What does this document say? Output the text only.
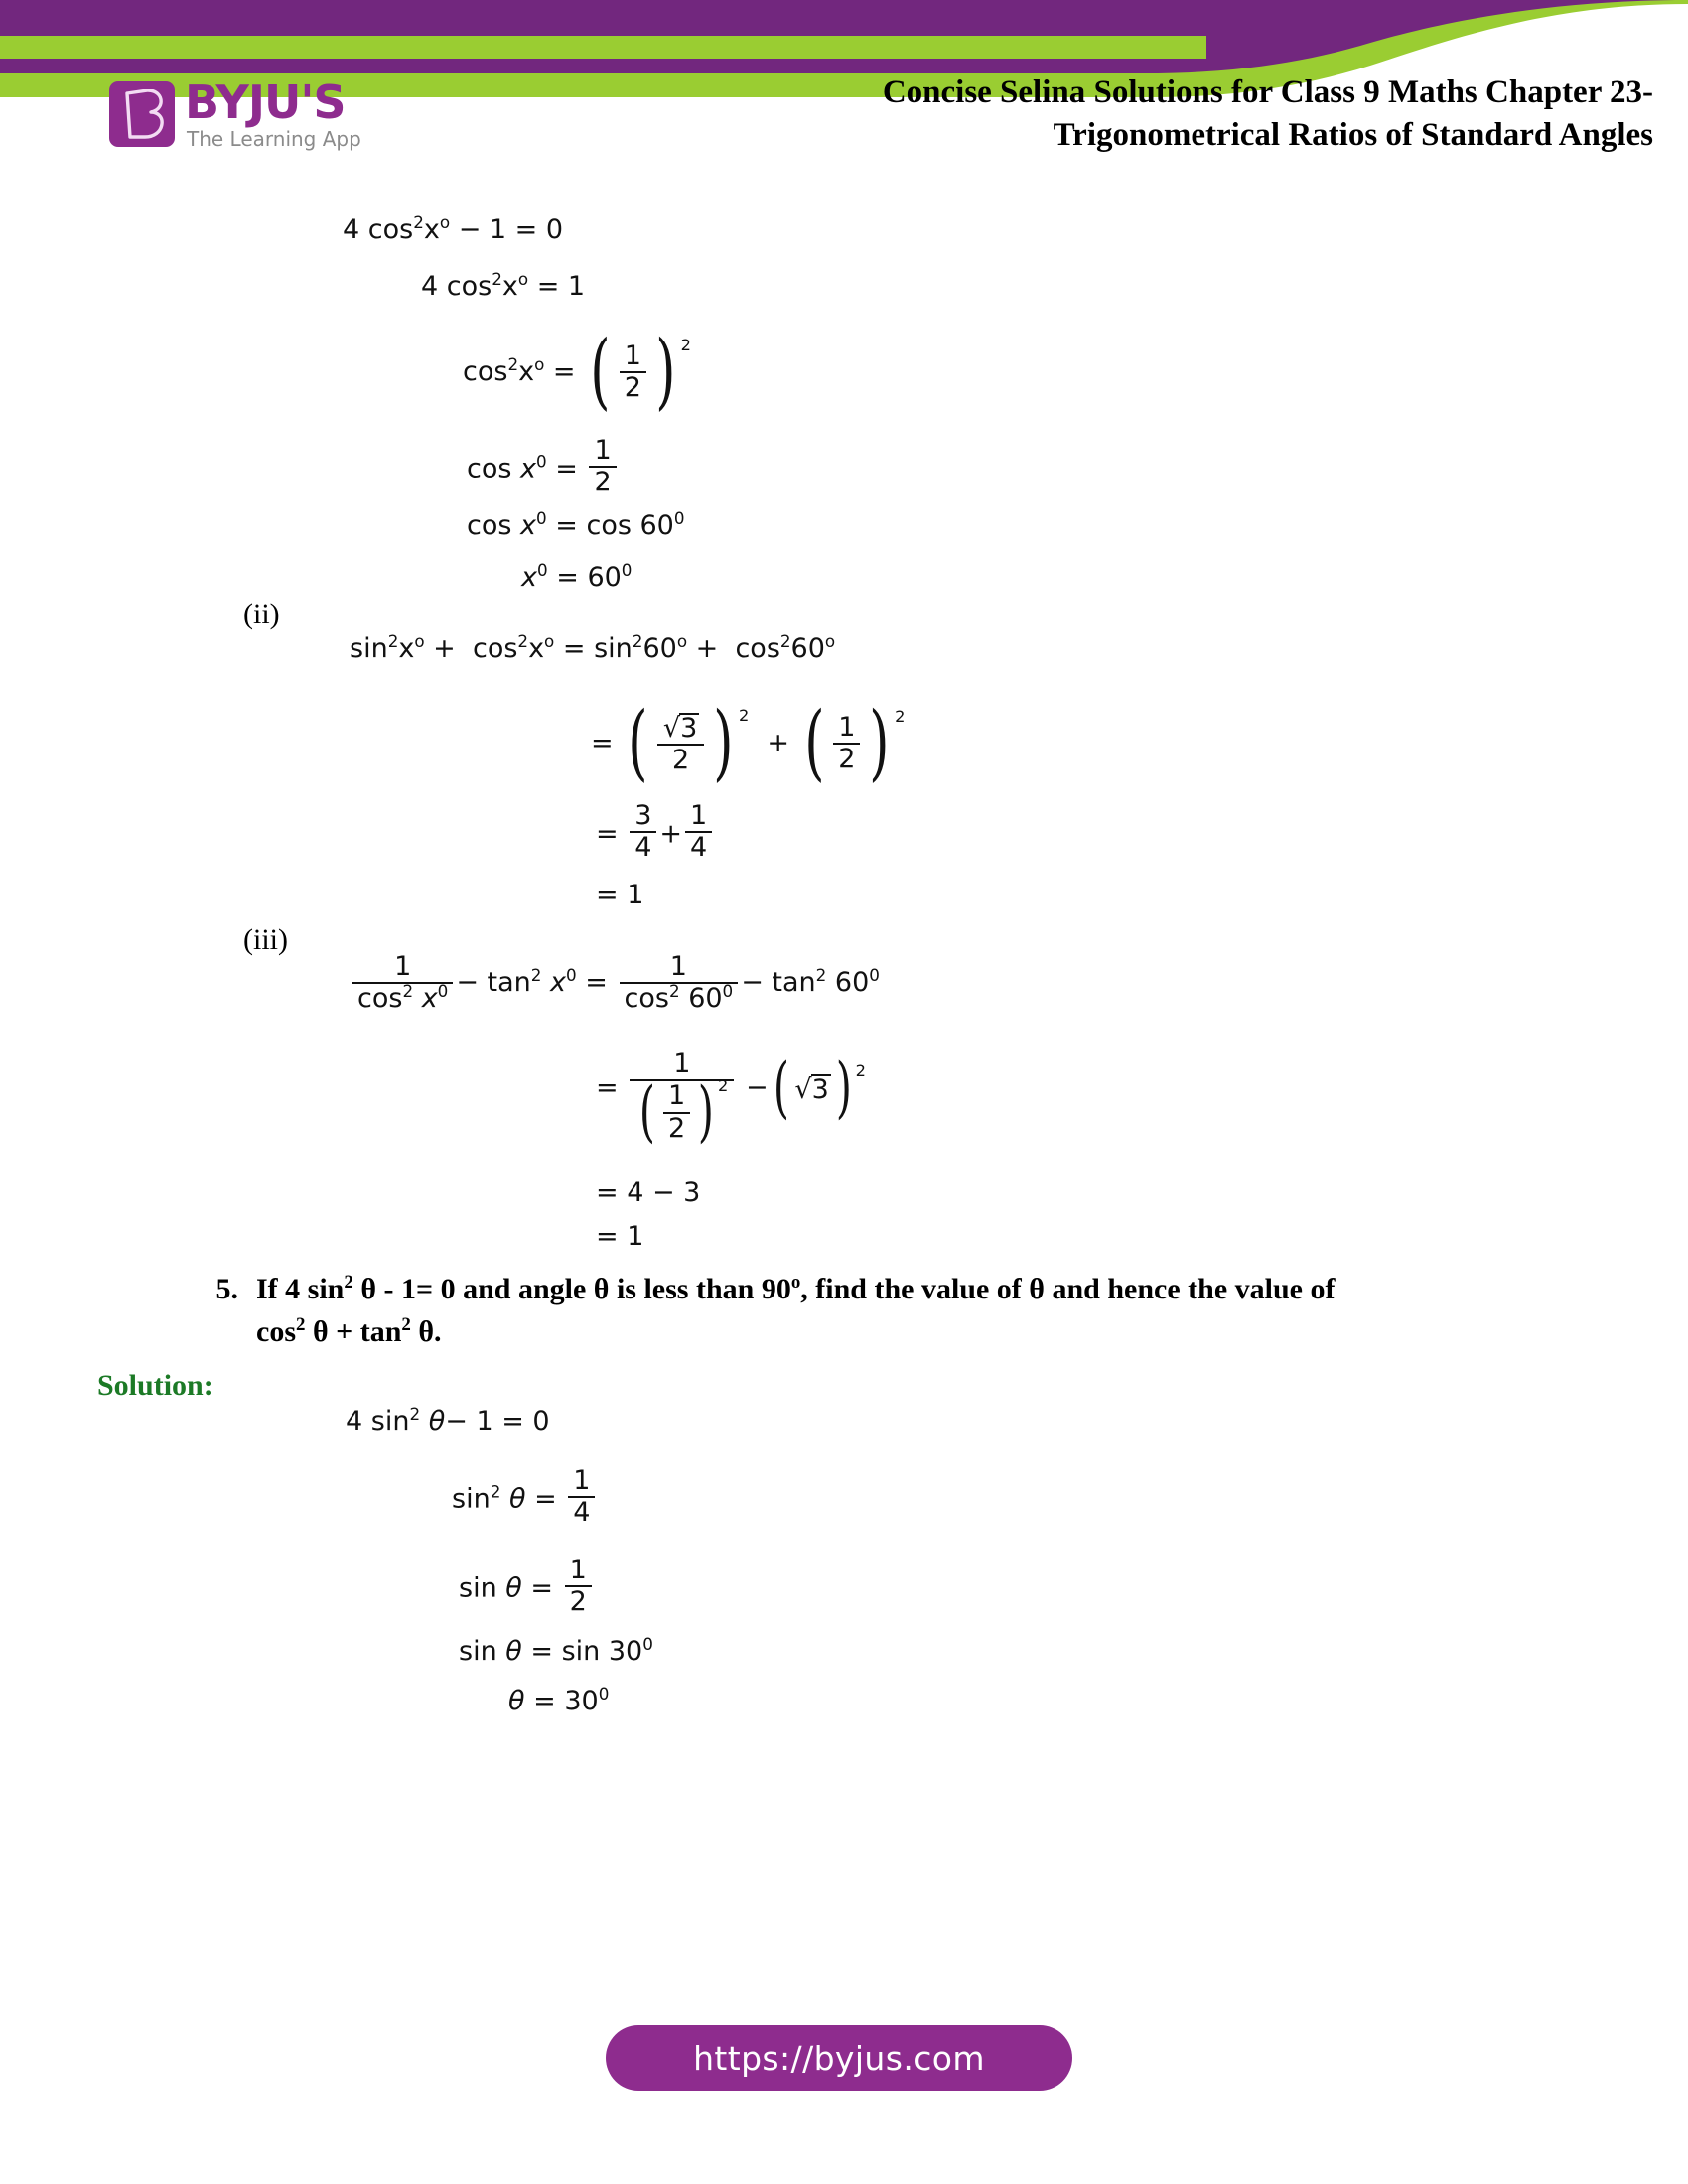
BYJU'S
The Learning App
Concise Selina Solutions for Class 9 Maths Chapter 23-
Trigonometrical Ratios of Standard Angles
4 $\cos^2x^o - 1 = 0$
4 $\cos^2x^o = 1$
$\cos^2x^o$ = ( $\frac{1}{2}$ ) $^2$
$\cos x^0 = \frac{1}{2}$
$\cos x^0 = \cos 60^0$
$x^0 = 60^0$
(ii)
$\sin^2x^o + \cos^2x^o = \sin^260^o + \cos^260^o$
= ( $\frac{√3}{2}$ ) $^2$  + ( $\frac{1}{2}$ ) $^2$
= $\frac{3}{4} + \frac{1}{4}$
= 1
(iii)
$\frac{1}{\cos^2 x^0} - \tan^2 x^0 = \frac{1}{\cos^2 60^0} - \tan^2 60^0$
= $\frac{1}{( \frac{1}{2} ) ^2}$ −( √3 ) $^2$
= 4 − 3
= 1
5. If 4 $\sin^2 \theta - 1= 0$ and angle θ is less than 90$^o$, find the value of θ and hence the value of
$\cos^2 \theta + \tan^2 \theta$.
Solution:
4 $\sin^2 \theta- 1 = 0$
$\sin^2 \theta = \frac{1}{4}$
$\sin \theta = \frac{1}{2}$
$\sin \theta = \sin 30^0$
$\theta = 30^0$
https://byjus.com
